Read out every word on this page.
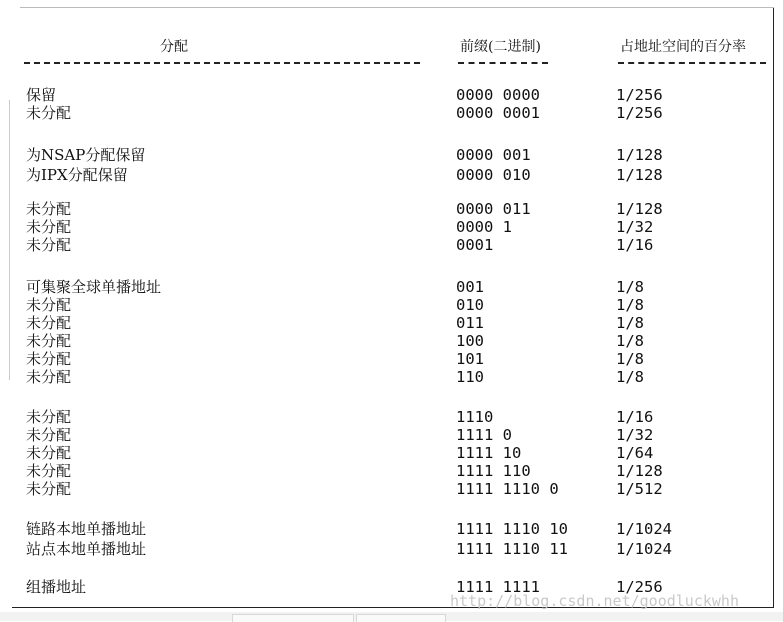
分配	前缀(二进制)	占地址空间的百分率
保留	0000 0000	1/256
未分配	0000 0001	1/256
为NSAP分配保留	0000 001	1/128
为IPX分配保留	0000 010	1/128
未分配	0000 011	1/128
未分配	0000 1	1/32
未分配	0001	1/16
可集聚全球单播地址	001	1/8
未分配	010	1/8
未分配	011	1/8
未分配	100	1/8
未分配	101	1/8
未分配	110	1/8
未分配	1110	1/16
未分配	1111 0	1/32
未分配	1111 10	1/64
未分配	1111 110	1/128
未分配	1111 1110 0	1/512
链路本地单播地址	1111 1110 10	1/1024
站点本地单播地址	1111 1110 11	1/1024
组播地址	1111 1111	1/256
http://blog.csdn.net/goodluckwhh
